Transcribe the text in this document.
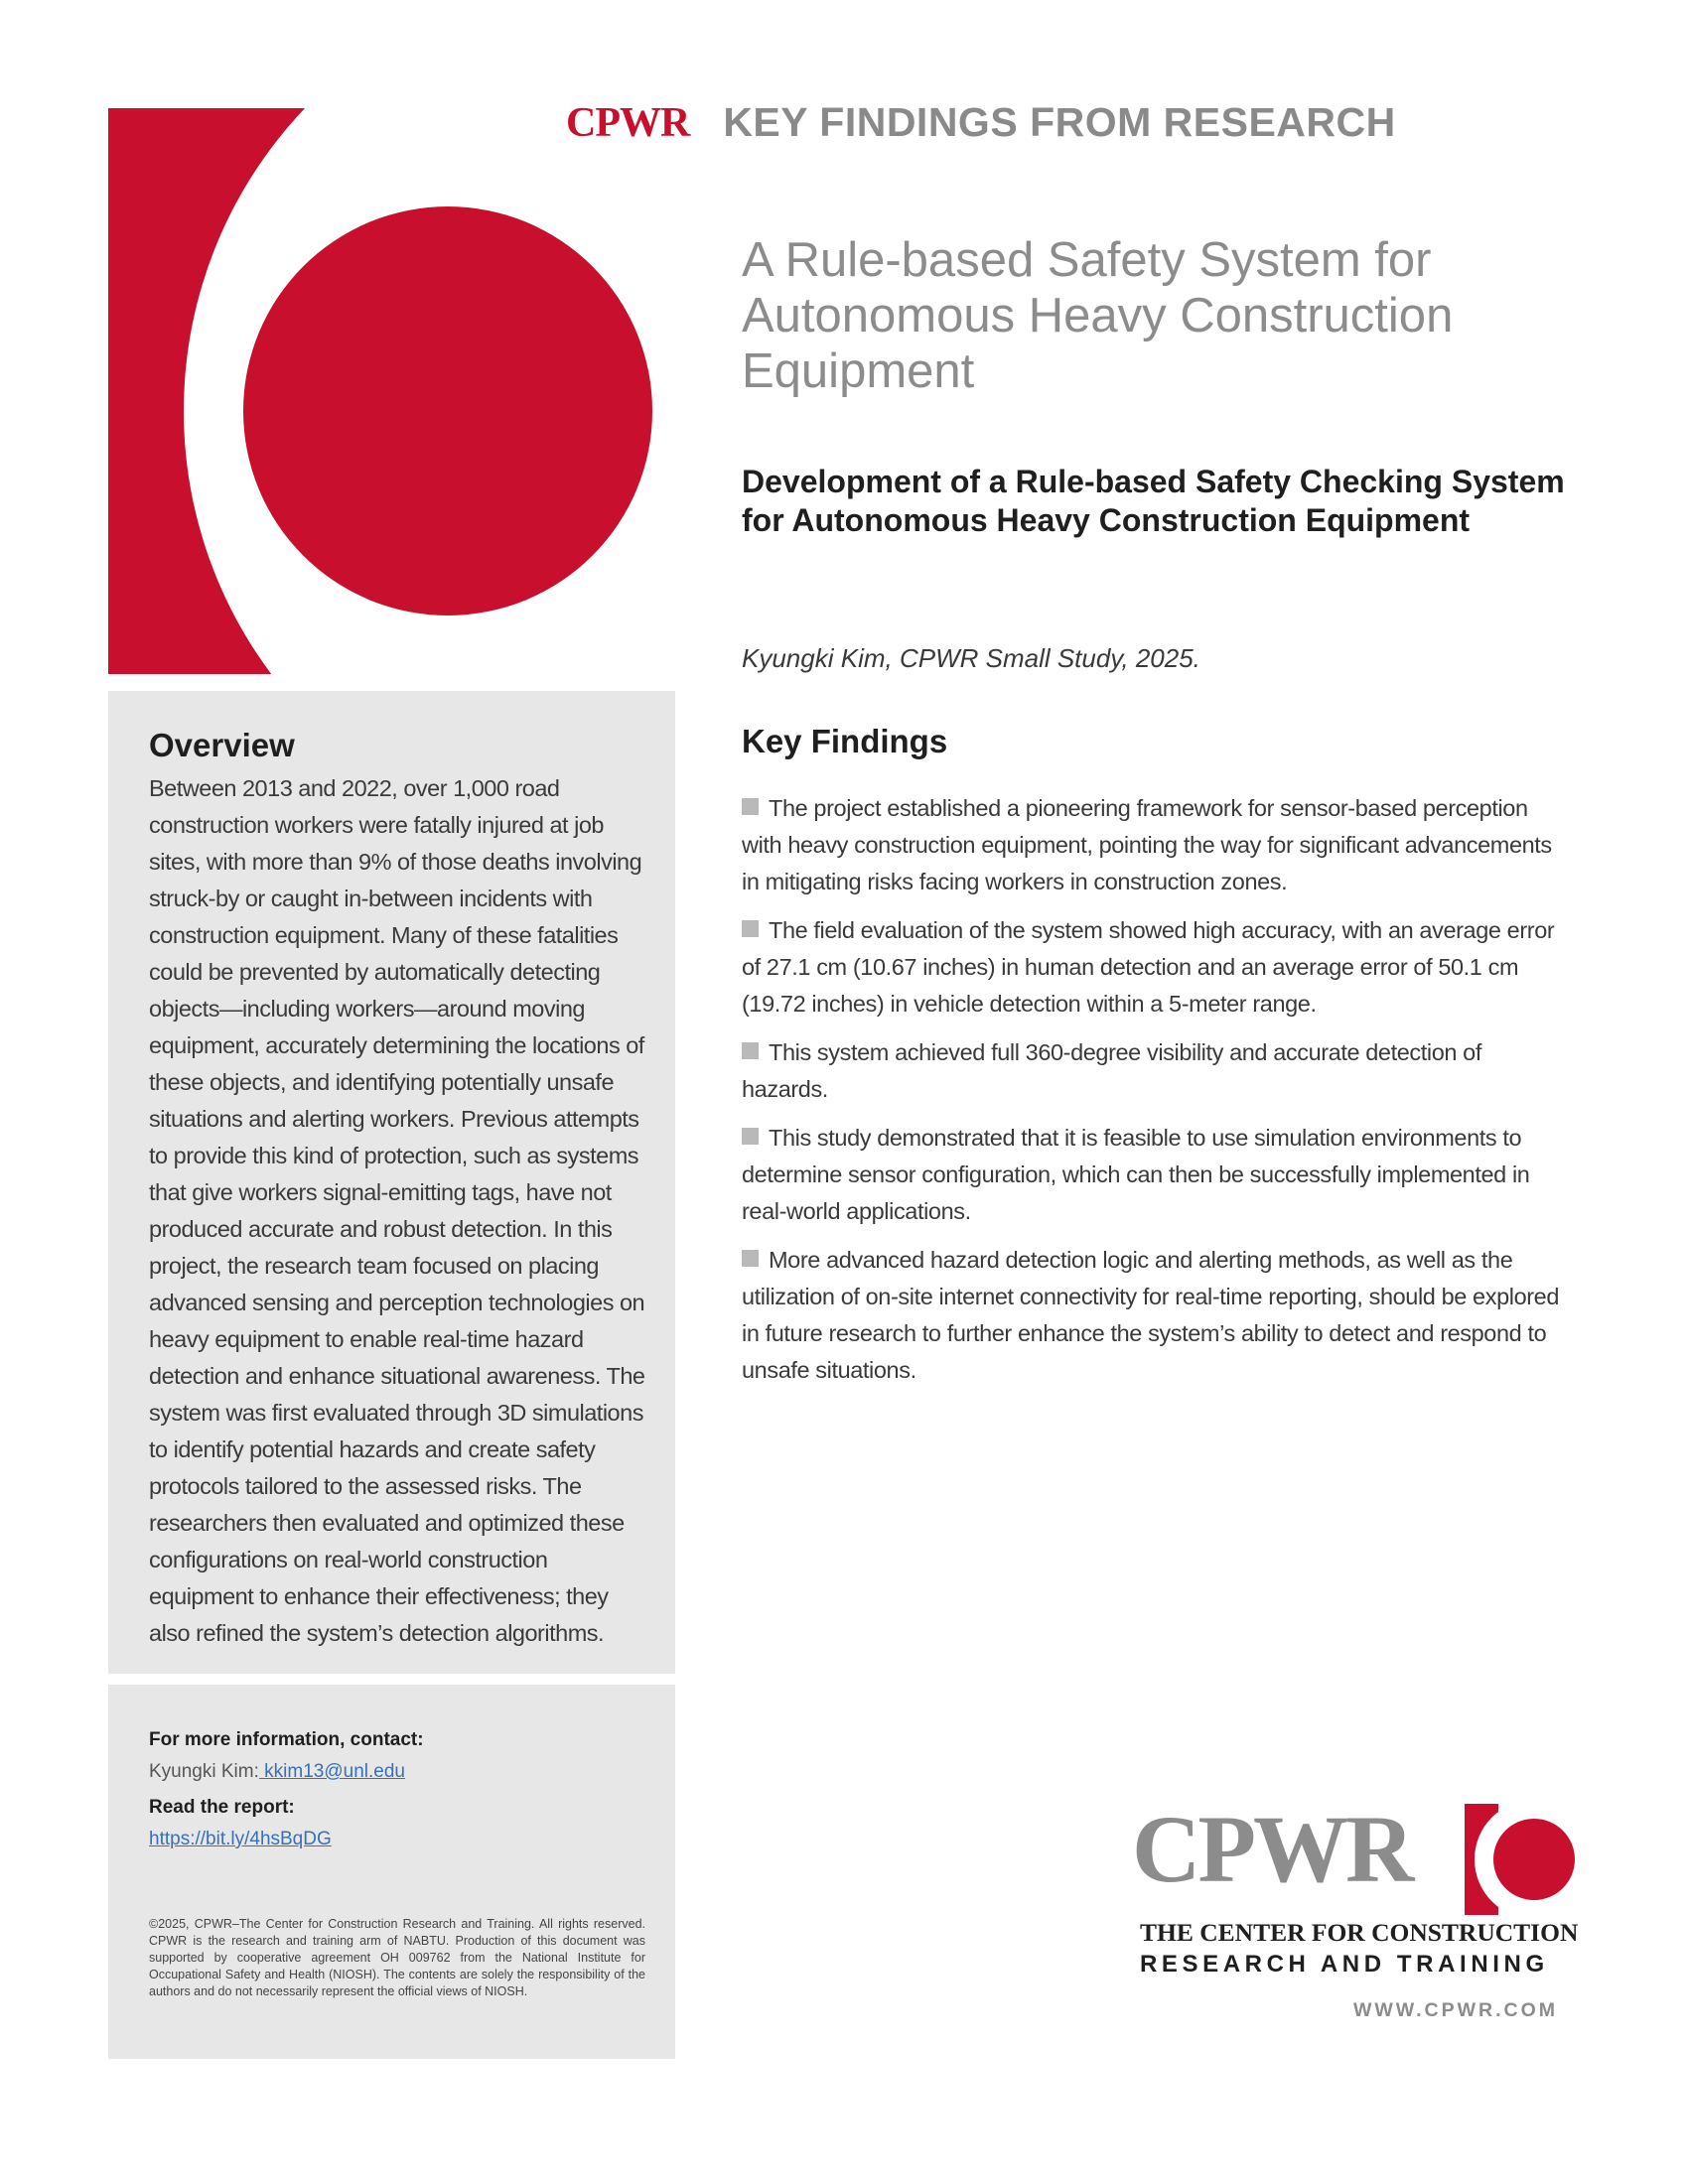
CPWR KEY FINDINGS FROM RESEARCH
A Rule-based Safety System for Autonomous Heavy Construction Equipment
Development of a Rule-based Safety Checking System for Autonomous Heavy Construction Equipment

Kyungki Kim, CPWR Small Study, 2025.

Overview

Between 2013 and 2022, over 1,000 road construction workers were fatally injured at job sites, with more than 9% of those deaths involving struck-by or caught in-between incidents with construction equipment. Many of these fatalities could be prevented by automatically detecting objects—including workers—around moving equipment, accurately determining the locations of these objects, and identifying potentially unsafe situations and alerting workers. Previous attempts to provide this kind of protection, such as systems that give workers signal-emitting tags, have not produced accurate and robust detection. In this project, the research team focused on placing advanced sensing and perception technologies on heavy equipment to enable real-time hazard detection and enhance situational awareness. The system was first evaluated through 3D simulations to identify potential hazards and create safety protocols tailored to the assessed risks. The researchers then evaluated and optimized these configurations on real-world construction equipment to enhance their effectiveness; they also refined the system’s detection algorithms.

For more information, contact:

Kyungki Kim: kkim13@unl.edu

Read the report:

https://bit.ly/4hsBqDG

©2025, CPWR–The Center for Construction Research and Training. All rights reserved. CPWR is the research and training arm of NABTU. Production of this document was supported by cooperative agreement OH 009762 from the National Institute for Occupational Safety and Health (NIOSH). The contents are solely the responsibility of the authors and do not necessarily represent the official views of NIOSH.

Key Findings
The project established a pioneering framework for sensor-based perception with heavy construction equipment, pointing the way for significant advancements in mitigating risks facing workers in construction zones.
The field evaluation of the system showed high accuracy, with an average error of 27.1 cm (10.67 inches) in human detection and an average error of 50.1 cm (19.72 inches) in vehicle detection within a 5-meter range.
This system achieved full 360-degree visibility and accurate detection of hazards.
This study demonstrated that it is feasible to use simulation environments to determine sensor configuration, which can then be successfully implemented in real-world applications.
More advanced hazard detection logic and alerting methods, as well as the utilization of on-site internet connectivity for real-time reporting, should be explored in future research to further enhance the system’s ability to detect and respond to unsafe situations.
CPWR
THE CENTER FOR CONSTRUCTION
RESEARCH AND TRAINING
WWW.CPWR.COM
